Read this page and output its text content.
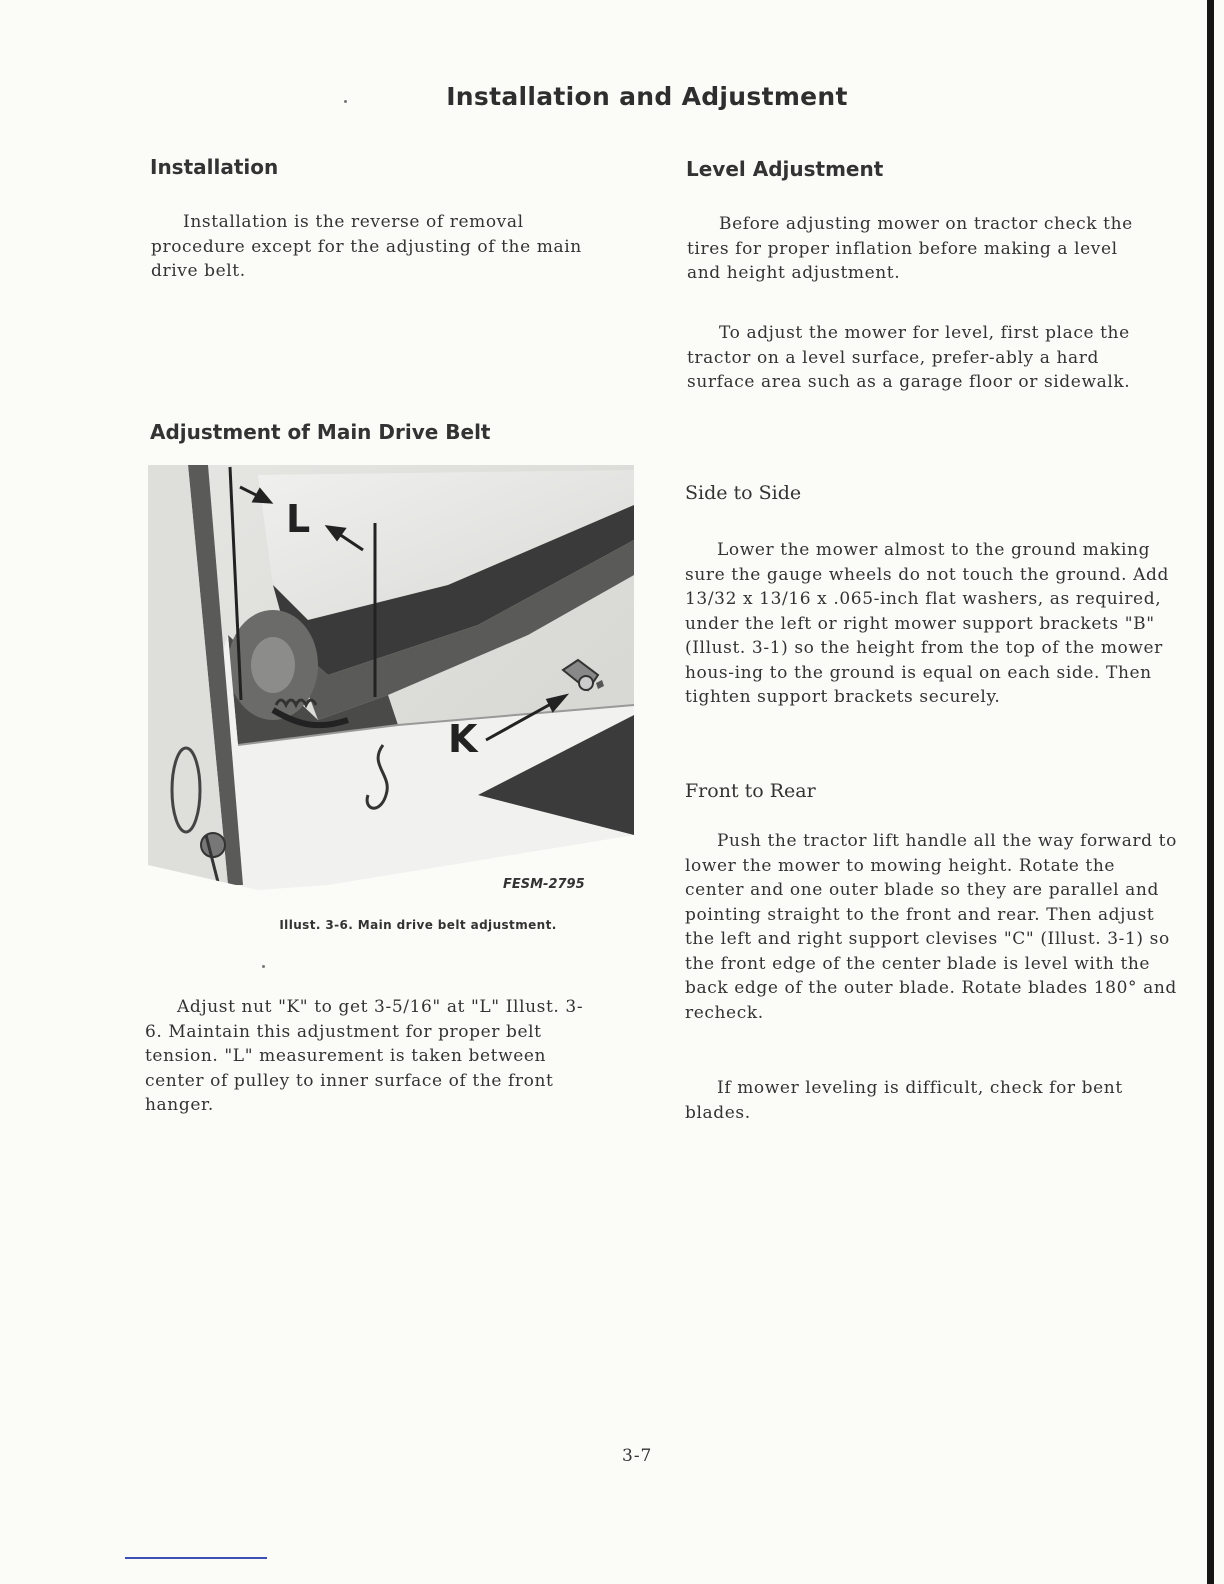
Installation and Adjustment
Installation

Installation is the reverse of removal procedure except for the adjusting of the main drive belt.

Adjustment of Main Drive Belt
L
K
FESM-2795
Illust. 3-6. Main drive belt adjustment.

Adjust nut "K" to get 3-5/16" at "L" Illust. 3-6. Maintain this adjustment for proper belt tension. "L" measurement is taken between center of pulley to inner surface of the front hanger.

Level Adjustment

Before adjusting mower on tractor check the tires for proper inflation before making a level and height adjustment.

To adjust the mower for level, first place the tractor on a level surface, prefer-ably a hard surface area such as a garage floor or sidewalk.

Side to Side

Lower the mower almost to the ground making sure the gauge wheels do not touch the ground. Add 13/32 x 13/16 x .065-inch flat washers, as required, under the left or right mower support brackets "B" (Illust. 3-1) so the height from the top of the mower hous-ing to the ground is equal on each side. Then tighten support brackets securely.

Front to Rear

Push the tractor lift handle all the way forward to lower the mower to mowing height. Rotate the center and one outer blade so they are parallel and pointing straight to the front and rear. Then adjust the left and right support clevises "C" (Illust. 3-1) so the front edge of the center blade is level with the back edge of the outer blade. Rotate blades 180° and recheck.

If mower leveling is difficult, check for bent blades.

3-7
